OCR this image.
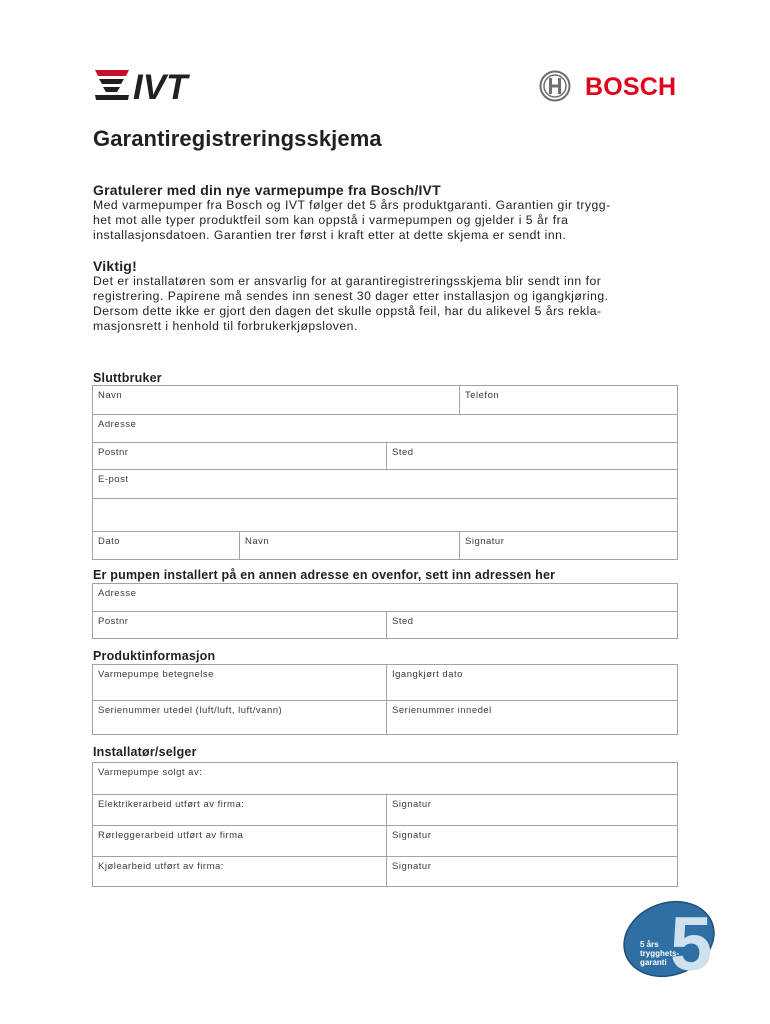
IVT	BOSCH
Garantiregistreringsskjema
Gratulerer med din nye varmepumpe fra Bosch/IVT
Med varmepumper fra Bosch og IVT følger det 5 års produktgaranti. Garantien gir trygg-
het mot alle typer produktfeil som kan oppstå i varmepumpen og gjelder i 5 år fra
installasjonsdatoen. Garantien trer først i kraft etter at dette skjema er sendt inn.
Viktig!
Det er installatøren som er ansvarlig for at garantiregistreringsskjema blir sendt inn for
registrering. Papirene må sendes inn senest 30 dager etter installasjon og igangkjøring.
Dersom dette ikke er gjort den dagen det skulle oppstå feil, har du alikevel 5 års rekla-
masjonsrett i henhold til forbrukerkjøpsloven.
Sluttbruker
Navn	Telefon
Adresse
Postnr	Sted
E-post
Dato	Navn	Signatur
Er pumpen installert på en annen adresse en ovenfor, sett inn adressen her
Adresse
Postnr	Sted
Produktinformasjon
Varmepumpe betegnelse	Igangkjørt dato
Serienummer utedel (luft/luft, luft/vann)	Serienummer innedel
Installatør/selger
Varmepumpe solgt av:
Elektrikerarbeid utført av firma:	Signatur
Rørleggerarbeid utført av firma	Signatur
Kjølearbeid utført av firma:	Signatur
5
5 års
trygghets-
garanti
